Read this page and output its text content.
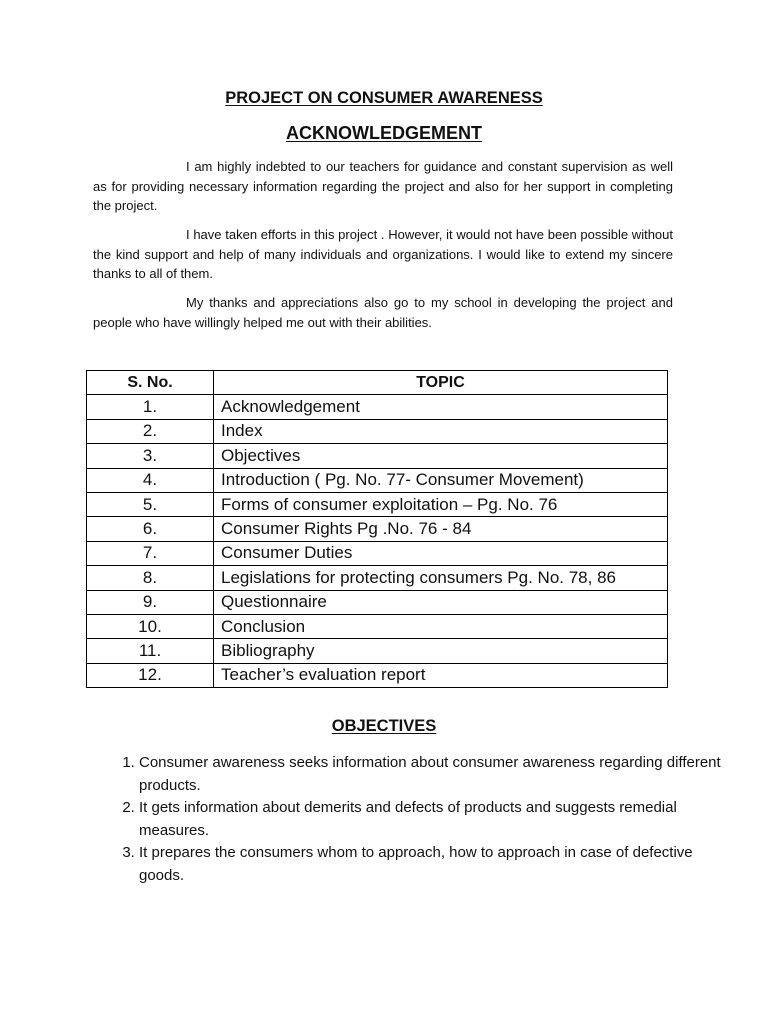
PROJECT ON CONSUMER AWARENESS
ACKNOWLEDGEMENT

I am highly indebted to our teachers for guidance and constant supervision as well as for providing necessary information regarding the project and also for her support in completing the project.

I have taken efforts in this project . However, it would not have been possible without the kind support and help of many individuals and organizations. I would like to extend my sincere thanks to all of them.

My thanks and appreciations also go to my school in developing the project and people who have willingly helped me out with their abilities.

S. No.	TOPIC
1.	Acknowledgement
2.	Index
3.	Objectives
4.	Introduction ( Pg. No. 77- Consumer Movement)
5.	Forms of consumer exploitation – Pg. No. 76
6.	Consumer Rights Pg .No. 76 - 84
7.	Consumer Duties
8.	Legislations for protecting consumers Pg. No. 78, 86
9.	Questionnaire
10.	Conclusion
11.	Bibliography
12.	Teacher’s evaluation report
OBJECTIVES
1. Consumer awareness seeks information about consumer awareness regarding different products.
2. It gets information about demerits and defects of products and suggests remedial measures.
3. It prepares the consumers whom to approach, how to approach in case of defective goods.
